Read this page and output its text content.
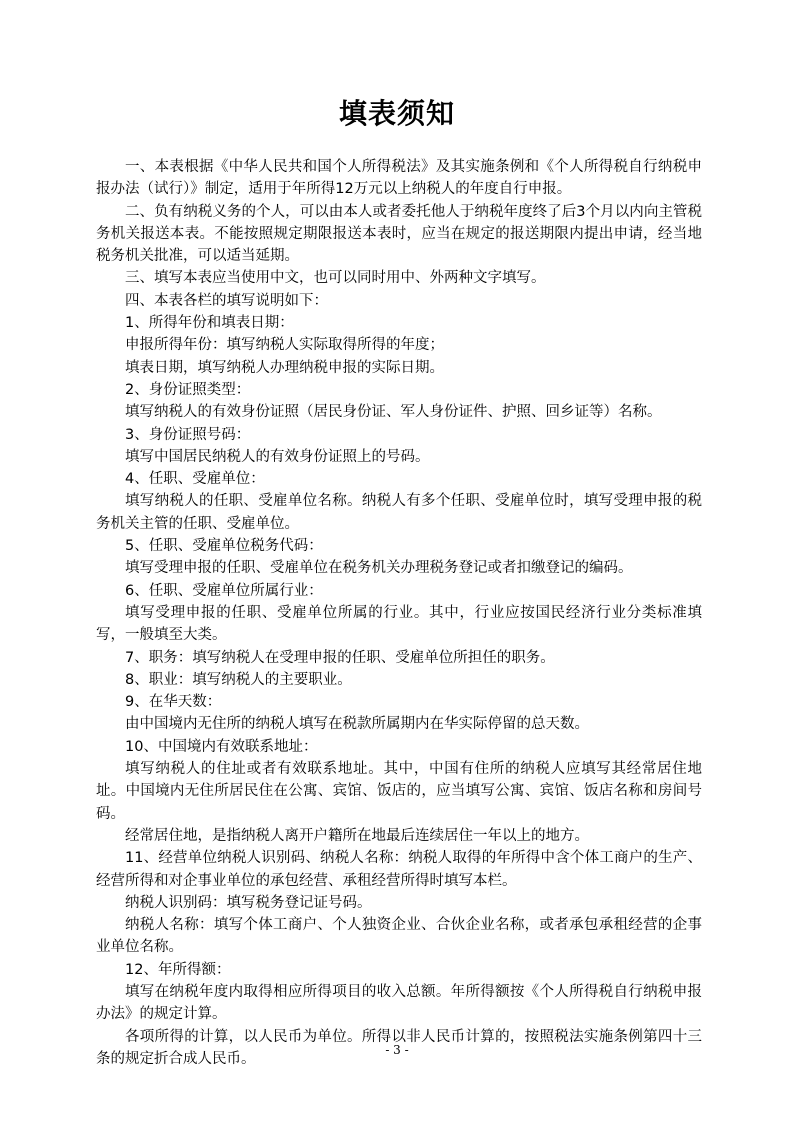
填表须知

一、本表根据《中华人民共和国个人所得税法》及其实施条例和《个人所得税自行纳税申报办法（试行）》制定，适用于年所得12万元以上纳税人的年度自行申报。

二、负有纳税义务的个人，可以由本人或者委托他人于纳税年度终了后3个月以内向主管税务机关报送本表。不能按照规定期限报送本表时，应当在规定的报送期限内提出申请，经当地税务机关批准，可以适当延期。

三、填写本表应当使用中文，也可以同时用中、外两种文字填写。

四、本表各栏的填写说明如下：

1、所得年份和填表日期：

申报所得年份：填写纳税人实际取得所得的年度；

填表日期，填写纳税人办理纳税申报的实际日期。

2、身份证照类型：

填写纳税人的有效身份证照（居民身份证、军人身份证件、护照、回乡证等）名称。

3、身份证照号码：

填写中国居民纳税人的有效身份证照上的号码。

4、任职、受雇单位：

填写纳税人的任职、受雇单位名称。纳税人有多个任职、受雇单位时，填写受理申报的税务机关主管的任职、受雇单位。

5、任职、受雇单位税务代码：

填写受理申报的任职、受雇单位在税务机关办理税务登记或者扣缴登记的编码。

6、任职、受雇单位所属行业：

填写受理申报的任职、受雇单位所属的行业。其中，行业应按国民经济行业分类标准填写，一般填至大类。

7、职务：填写纳税人在受理申报的任职、受雇单位所担任的职务。

8、职业：填写纳税人的主要职业。

9、在华天数：

由中国境内无住所的纳税人填写在税款所属期内在华实际停留的总天数。

10、中国境内有效联系地址：

填写纳税人的住址或者有效联系地址。其中，中国有住所的纳税人应填写其经常居住地址。中国境内无住所居民住在公寓、宾馆、饭店的，应当填写公寓、宾馆、饭店名称和房间号码。

经常居住地，是指纳税人离开户籍所在地最后连续居住一年以上的地方。

11、经营单位纳税人识别码、纳税人名称：纳税人取得的年所得中含个体工商户的生产、经营所得和对企事业单位的承包经营、承租经营所得时填写本栏。

纳税人识别码：填写税务登记证号码。

纳税人名称：填写个体工商户、个人独资企业、合伙企业名称，或者承包承租经营的企事业单位名称。

12、年所得额：

填写在纳税年度内取得相应所得项目的收入总额。年所得额按《个人所得税自行纳税申报办法》的规定计算。

各项所得的计算，以人民币为单位。所得以非人民币计算的，按照税法实施条例第四十三条的规定折合成人民币。

- 3 -
